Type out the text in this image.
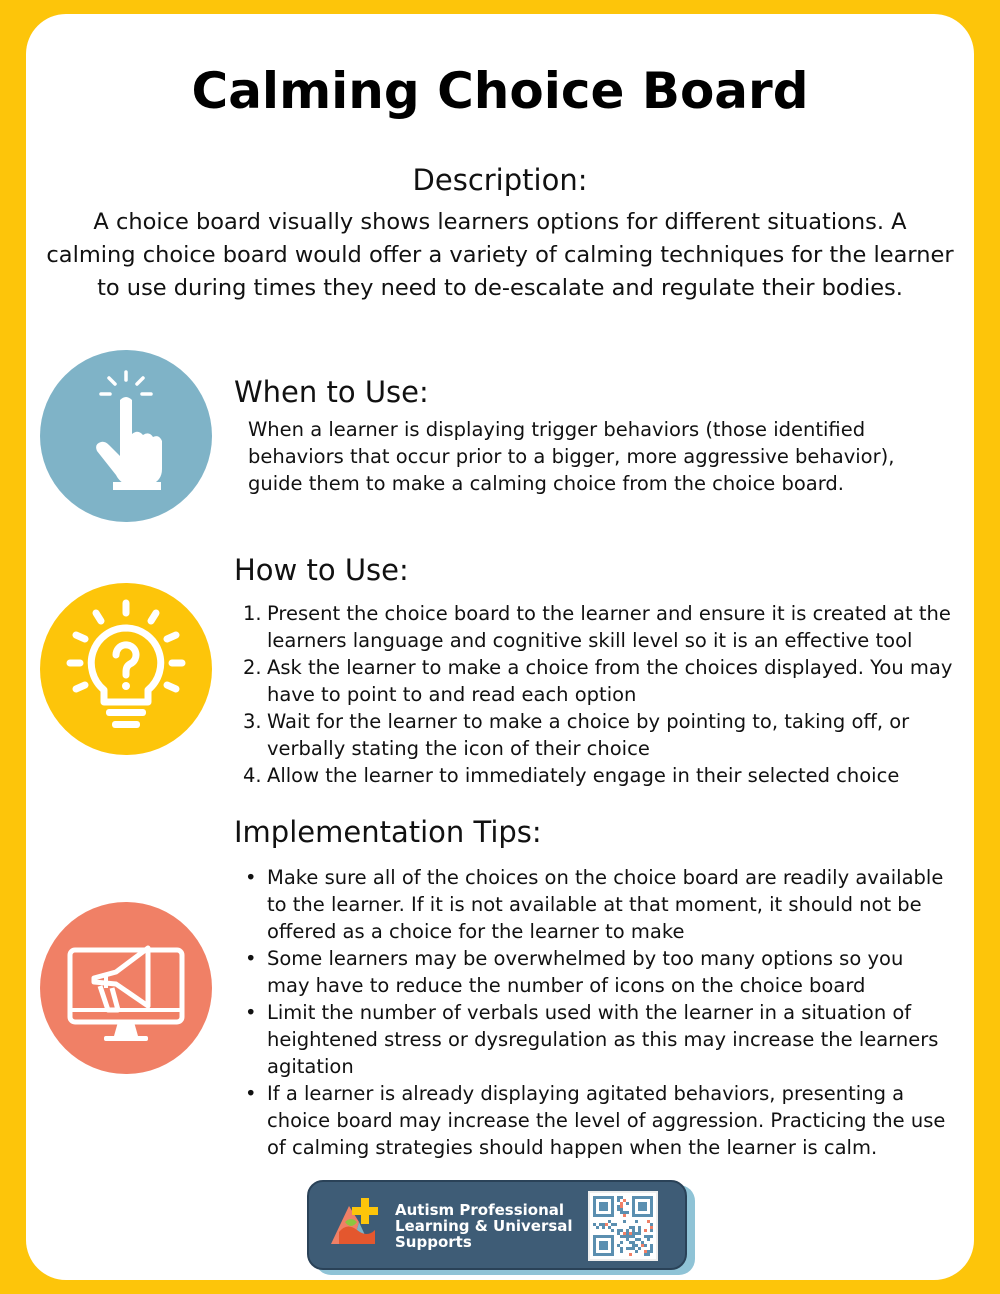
Calming Choice Board
Description:
A choice board visually shows learners options for different situations. A
calming choice board would offer a variety of calming techniques for the learner
to use during times they need to de-escalate and regulate their bodies.
When to Use:
When a learner is displaying trigger behaviors (those identified
behaviors that occur prior to a bigger, more aggressive behavior),
guide them to make a calming choice from the choice board.
How to Use:
1. Present the choice board to the learner and ensure it is created at the
learners language and cognitive skill level so it is an effective tool
2. Ask the learner to make a choice from the choices displayed. You may
have to point to and read each option
3. Wait for the learner to make a choice by pointing to, taking off, or
verbally stating the icon of their choice
4. Allow the learner to immediately engage in their selected choice
Implementation Tips:
• Make sure all of the choices on the choice board are readily available
to the learner. If it is not available at that moment, it should not be
offered as a choice for the learner to make
• Some learners may be overwhelmed by too many options so you
may have to reduce the number of icons on the choice board
• Limit the number of verbals used with the learner in a situation of
heightened stress or dysregulation as this may increase the learners
agitation
• If a learner is already displaying agitated behaviors, presenting a
choice board may increase the level of aggression. Practicing the use
of calming strategies should happen when the learner is calm.
Autism Professional
Learning & Universal
Supports
